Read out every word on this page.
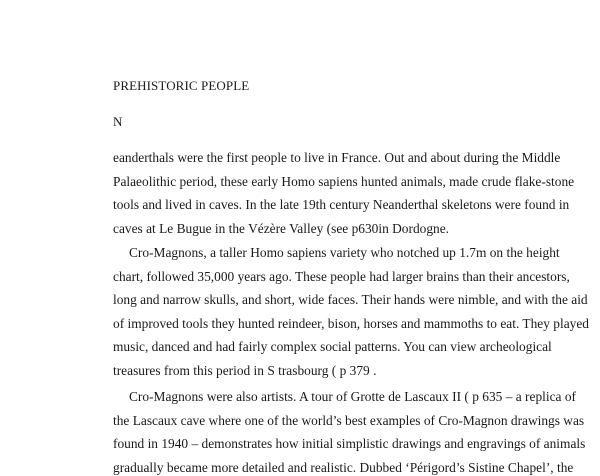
PREHISTORIC PEOPLE
N

eanderthals were the first people to live in France. Out and about during the Middle
Palaeolithic period, these early Homo sapiens hunted animals, made crude flake-stone
tools and lived in caves. In the late 19th century Neanderthal skeletons were found in
caves at Le Bugue in the Vézère Valley (see p630in Dordogne.

Cro-Magnons, a taller Homo sapiens variety who notched up 1.7m on the height
chart, followed 35,000 years ago. These people had larger brains than their ancestors,
long and narrow skulls, and short, wide faces. Their hands were nimble, and with the aid
of improved tools they hunted reindeer, bison, horses and mammoths to eat. They played
music, danced and had fairly complex social patterns. You can view archeological
treasures from this period in S trasbourg ( p 379 .

Cro-Magnons were also artists. A tour of Grotte de Lascaux II ( p 635 – a replica of
the Lascaux cave where one of the world’s best examples of Cro-Magnon drawings was
found in 1940 – demonstrates how initial simplistic drawings and engravings of animals
gradually became more detailed and realistic. Dubbed ‘Périgord’s Sistine Chapel’, the
